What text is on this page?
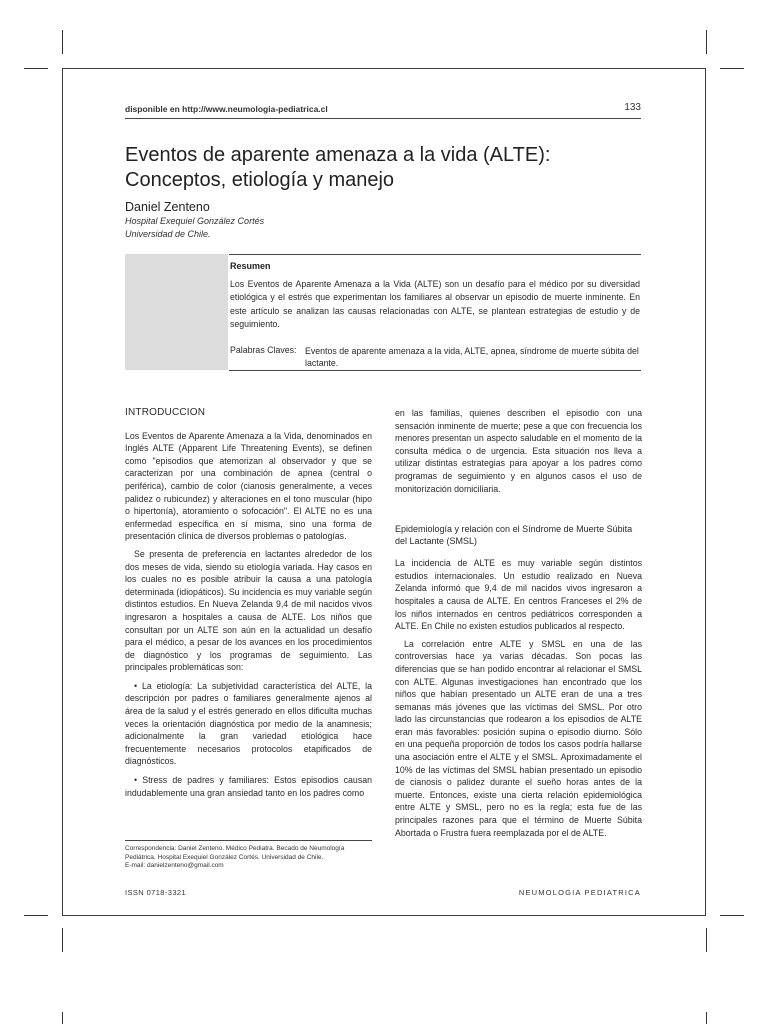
disponible en http://www.neumologia-pediatrica.cl	133
Eventos de aparente amenaza a la vida (ALTE): Conceptos, etiología y manejo
Daniel Zenteno
Hospital Exequiel González Cortés
Universidad de Chile.
Resumen

Los Eventos de Aparente Amenaza a la Vida (ALTE) son un desafío para el médico por su diversidad etiológica y el estrés que experimentan los familiares al observar un episodio de muerte inminente. En este artículo se analizan las causas relacionadas con ALTE, se plantean estrategias de estudio y de seguimiento.

Palabras Claves: Eventos de aparente amenaza a la vida, ALTE, apnea, síndrome de muerte súbita del lactante.

INTRODUCCION

Los Eventos de Aparente Amenaza a la Vida, denominados en Inglés ALTE (Apparent Life Threatening Events), se definen como "episodios que atemorizan al observador y que se caracterizan por una combinación de apnea (central o periférica), cambio de color (cianosis generalmente, a veces palidez o rubicundez) y alteraciones en el tono muscular (hipo o hipertonía), atoramiento o sofocación". El ALTE no es una enfermedad específica en sí misma, sino una forma de presentación clínica de diversos problemas o patologías.

Se presenta de preferencia en lactantes alrededor de los dos meses de vida, siendo su etiología variada. Hay casos en los cuales no es posible atribuir la causa a una patología determinada (idiopáticos). Su incidencia es muy variable según distintos estudios. En Nueva Zelanda 9,4 de mil nacidos vivos ingresaron a hospitales a causa de ALTE. Los niños que consultan por un ALTE son aún en la actualidad un desafío para el médico, a pesar de los avances en los procedimientos de diagnóstico y los programas de seguimiento. Las principales problemáticas son:

• La etiología: La subjetividad característica del ALTE, la descripción por padres o familiares generalmente ajenos al área de la salud y el estrés generado en ellos dificulta muchas veces la orientación diagnóstica por medio de la anamnesis; adicionalmente la gran variedad etiológica hace frecuentemente necesarios protocolos etapificados de diagnósticos.

• Stress de padres y familiares: Estos episodios causan indudablemente una gran ansiedad tanto en los padres como

en las familias, quienes describen el episodio con una sensación inminente de muerte; pese a que con frecuencia los menores presentan un aspecto saludable en el momento de la consulta médica o de urgencia. Esta situación nos lleva a utilizar distintas estrategias para apoyar a los padres como programas de seguimiento y en algunos casos el uso de monitorización domiciliaria.

Epidemiología y relación con el Síndrome de Muerte Súbita del Lactante (SMSL)

La incidencia de ALTE es muy variable según distintos estudios internacionales. Un estudio realizado en Nueva Zelanda informó que 9,4 de mil nacidos vivos ingresaron a hospitales a causa de ALTE. En centros Franceses el 2% de los niños internados en centros pediátricos corresponden a ALTE. En Chile no existen estudios publicados al respecto.

La correlación entre ALTE y SMSL en una de las controversias hace ya varias décadas. Son pocas las diferencias que se han podido encontrar al relacionar el SMSL con ALTE. Algunas investigaciones han encontrado que los niños que habían presentado un ALTE eran de una a tres semanas más jóvenes que las víctimas del SMSL. Por otro lado las circunstancias que rodearon a los episodios de ALTE eran más favorables: posición supina o episodio diurno. Sólo en una pequeña proporción de todos los casos podría hallarse una asociación entre el ALTE y el SMSL. Aproximadamente el 10% de las víctimas del SMSL habían presentado un episodio de cianosis o palidez durante el sueño horas antes de la muerte. Entonces, existe una cierta relación epidemiológica entre ALTE y SMSL, pero no es la regla; esta fue de las principales razones para que el término de Muerte Súbita Abortada o Frustra fuera reemplazada por el de ALTE.

Correspondencia: Daniel Zenteno. Médico Pediatra. Becado de Neumología
Pediátrica. Hospital Exequiel González Cortés. Universidad de Chile.
E-mail: danielzenteno@gmail.com

ISSN 0718-3321	NEUMOLOGIA PEDIATRICA
